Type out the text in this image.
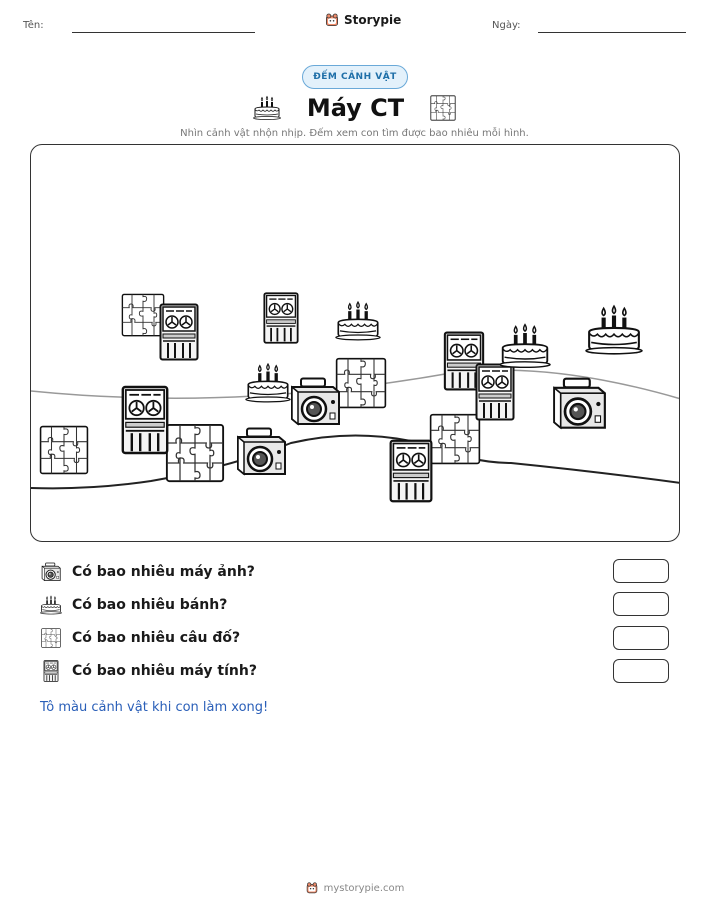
Tên:	Storypie	Ngày:
ĐẾM CẢNH VẬT
Máy CT
Nhìn cảnh vật nhộn nhịp. Đếm xem con tìm được bao nhiêu mỗi hình.
Có bao nhiêu máy ảnh?
Có bao nhiêu bánh?
Có bao nhiêu câu đố?
Có bao nhiêu máy tính?
Tô màu cảnh vật khi con làm xong!
mystorypie.com
